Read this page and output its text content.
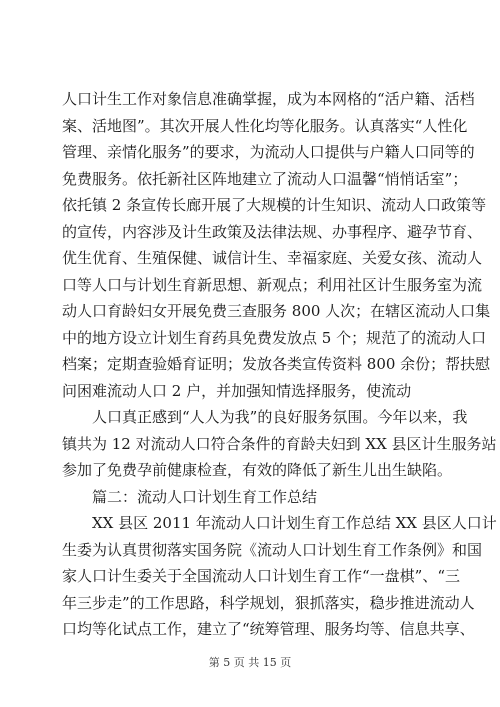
人口计生工作对象信息准确掌握，成为本网格的“活户籍、活档
案、活地图”。其次开展人性化均等化服务。认真落实“人性化
管理、亲情化服务”的要求，为流动人口提供与户籍人口同等的
免费服务。依托新社区阵地建立了流动人口温馨“悄悄话室”；
依托镇 2 条宣传长廊开展了大规模的计生知识、流动人口政策等
的宣传，内容涉及计生政策及法律法规、办事程序、避孕节育、
优生优育、生殖保健、诚信计生、幸福家庭、关爱女孩、流动人
口等人口与计划生育新思想、新观点；利用社区计生服务室为流
动人口育龄妇女开展免费三查服务 800 人次；在辖区流动人口集
中的地方设立计划生育药具免费发放点 5 个；规范了的流动人口
档案；定期查验婚育证明；发放各类宣传资料 800 余份；帮扶慰
问困难流动人口 2 户，并加强知情选择服务，使流动
人口真正感到“人人为我”的良好服务氛围。今年以来，我
镇共为 12 对流动人口符合条件的育龄夫妇到 XX 县区计生服务站
参加了免费孕前健康检查，有效的降低了新生儿出生缺陷。
篇二：流动人口计划生育工作总结
XX 县区 2011 年流动人口计划生育工作总结 XX 县区人口计
生委为认真贯彻落实国务院《流动人口计划生育工作条例》和国
家人口计生委关于全国流动人口计划生育工作“一盘棋”、“三
年三步走”的工作思路，科学规划，狠抓落实，稳步推进流动人
口均等化试点工作，建立了“统筹管理、服务均等、信息共享、
第 5 页 共 15 页
